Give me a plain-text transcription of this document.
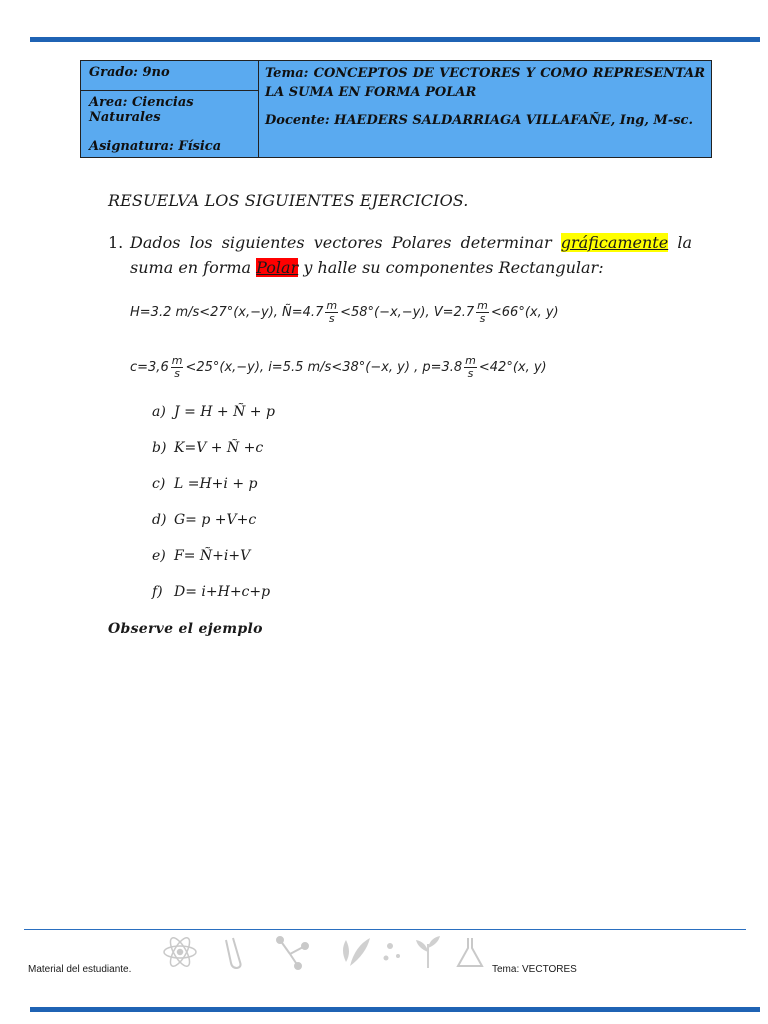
Grado: 9no
Area: Ciencias Naturales
Asignatura: Física
Tema: CONCEPTOS DE VECTORES Y COMO REPRESENTAR LA SUMA EN FORMA POLAR
Docente: HAEDERS SALDARRIAGA VILLAFAÑE, Ing, M-sc.
RESUELVA LOS SIGUIENTES EJERCICIOS.
1. Dados los siguientes vectores Polares determinar gráficamente la suma en forma Polar y halle su componentes Rectangular:
H=3.2 m/s<27°(x,−y), Ñ=4.7 $\frac{m}{s} <58^\circ(-x,-y)$, $V=2.7 \frac{m}{s} <66^\circ(x$, y)
$c=3,6 \frac{m}{s} <25^\circ(x,-y)$, i=5.5 m/s<38°(−x, y) , $p=3.8 \frac{m}{s} <42^\circ(x$, y)
a) J = H + Ñ + p
b) K=V + Ñ +c
c) L =H+i + p
d) G= p +V+c
e) F= Ñ+i+V
f) D= i+H+c+p
Observe el ejemplo
Material del estudiante.	Tema: VECTORES
